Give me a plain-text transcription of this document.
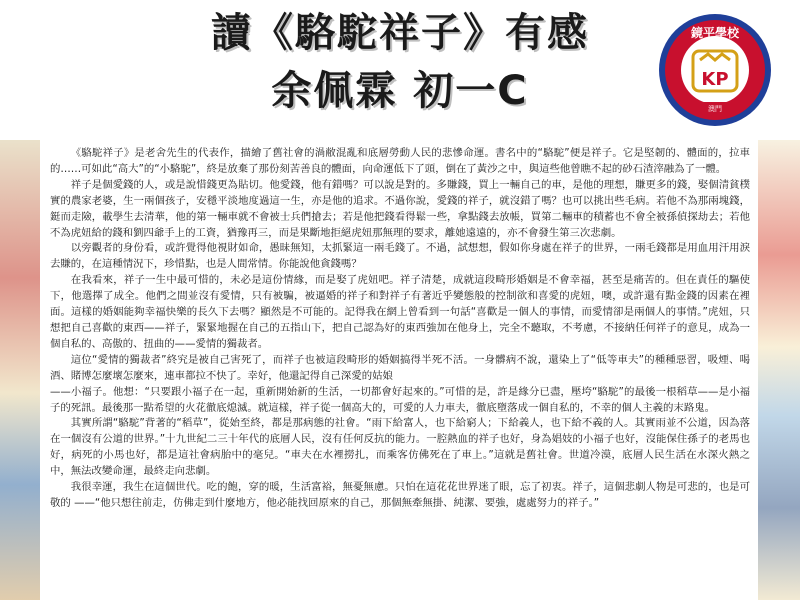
讀《駱駝祥子》有感
余佩霖 初一C
鏡平學校
KP
澳門

《駱駝祥子》是老舍先生的代表作，描繪了舊社會的渦敝混亂和底層勞動人民的悲慘命運。書名中的“駱駝”便是祥子。它是堅韌的、體面的，拉車的……可如此“高大”的“小駱駝”，終是放棄了那份刻苦善良的體面，向命運低下了頭，倒在了黃沙之中，與這些他曾瞧不起的砂石渣滓融為了一體。

祥子是個愛錢的人，或是說惜錢更為貼切。他愛錢，他有錯嗎？可以說是對的。多賺錢，買上一輛自己的車，是他的理想，賺更多的錢，娶個清貧樸實的農家老婆，生一兩個孩子，安穩平淡地度過這一生，亦是他的追求。不過你說，愛錢的祥子，就沒錯了嗎？也可以挑出些毛病。若他不為那兩塊錢，鋌而走險，載學生去清華，他的第一輛車就不會被士兵們搶去；若是他把錢看得鬆一些，拿點錢去放帳，買第二輛車的積蓄也不會全被孫偵探劫去；若他不為虎妞給的錢和劉四爺手上的工資，猶豫再三，而是果斷地拒絕虎妞那無理的要求，離她遠遠的，亦不會發生第三次悲劇。

以旁觀者的身份看，或許覺得他視財如命，愚昧無知，太抓緊這一兩毛錢了。不過，試想想，假如你身處在祥子的世界，一兩毛錢都是用血用汗用淚去賺的，在這種情況下，珍惜點，也是人間常情。你能說他貪錢嗎？

在我看來，祥子一生中最可惜的，未必是這份情緣，而是娶了虎妞吧。祥子清楚，成就這段畸形婚姻是不會幸福，甚至是痛苦的。但在責任的驅使下，他選擇了成全。他們之間並沒有愛情，只有被騙，被逼婚的祥子和對祥子有著近乎變態般的控制欲和喜愛的虎妞，噢，或許還有點金錢的因素在裡面。這樣的婚姻能夠幸福快樂的長久下去嗎？顯然是不可能的。記得我在網上曾看到一句話“喜歡是一個人的事情，而愛情卻是兩個人的事情。”虎妞，只想把自己喜歡的東西——祥子，緊緊地握在自己的五指山下，把自己認為好的東西強加在他身上，完全不聽取，不考慮，不接納任何祥子的意見，成為一個自私的、高傲的、扭曲的——愛情的獨裁者。

這位“愛情的獨裁者”終究是被自己害死了，而祥子也被這段畸形的婚姻搞得半死不活。一身髒病不說，還染上了“低等車夫”的種種惡習，吸煙、喝酒、賭博怎麼壞怎麼來，連車都拉不快了。幸好，他還記得自己深愛的姑娘

——小福子。他想：“只要跟小福子在一起，重新開始新的生活，一切都會好起來的。”可惜的是，許是緣分已盡，壓垮“駱駝”的最後一根稻草——是小福子的死訊。最後那一點希望的火花徹底熄滅。就這樣，祥子從一個高大的，可愛的人力車夫，徹底墮落成一個自私的，不幸的個人主義的末路鬼。

其實所謂“駱駝”背著的“稻草”，從始至終，都是那病態的社會。“雨下給富人，也下給窮人；下給義人，也下給不義的人。其實雨並不公道，因為落在一個沒有公道的世界。”十九世紀二三十年代的底層人民，沒有任何反抗的能力。一腔熱血的祥子也好，身為娼妓的小福子也好，沒能保住孫子的老馬也好，病死的小馬也好，都是這社會病胎中的毫兒。“車夫在水裡撈扎，而乘客仿佛死在了車上。”這就是舊社會。世道冷漠，底層人民生活在水深火熱之中，無法改變命運，最終走向悲劇。

我很幸運，我生在這個世代。吃的飽，穿的暖，生活富裕，無憂無慮。只怕在這花花世界迷了眼，忘了初衷。祥子，這個悲劇人物是可悲的，也是可敬的 ——“他只想往前走，仿佛走到什麼地方，他必能找回原來的自己，那個無牽無掛、純潔、要強，處處努力的祥子。”
